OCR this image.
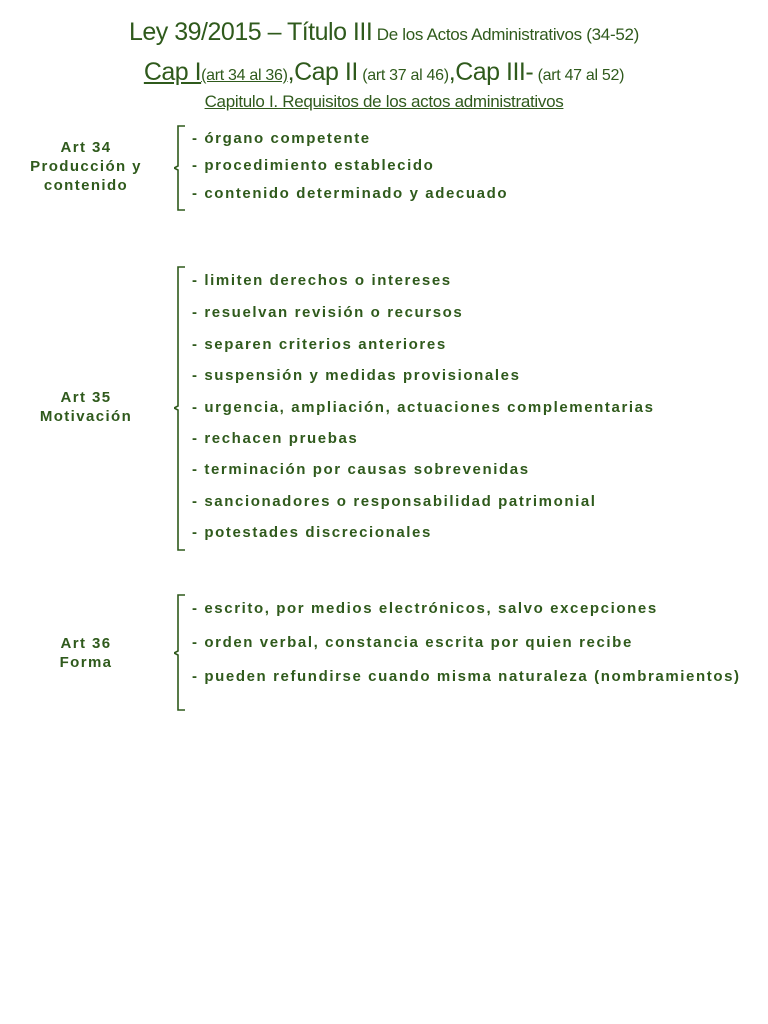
Ley 39/2015 – Título III De los Actos Administrativos (34-52)
Cap I(art 34 al 36),Cap II (art 37 al 46),Cap III- (art 47 al 52)
Capitulo I. Requisitos de los actos administrativos
Art 34
Producción y
contenido
- órgano competente
- procedimiento establecido
- contenido determinado y adecuado
Art 35
Motivación
- limiten derechos o intereses
- resuelvan revisión o recursos
- separen criterios anteriores
- suspensión y medidas provisionales
- urgencia, ampliación, actuaciones complementarias
- rechacen pruebas
- terminación por causas sobrevenidas
- sancionadores o responsabilidad patrimonial
- potestades discrecionales
Art 36
Forma
- escrito, por medios electrónicos, salvo excepciones
- orden verbal, constancia escrita por quien recibe
- pueden refundirse cuando misma naturaleza (nombramientos)
